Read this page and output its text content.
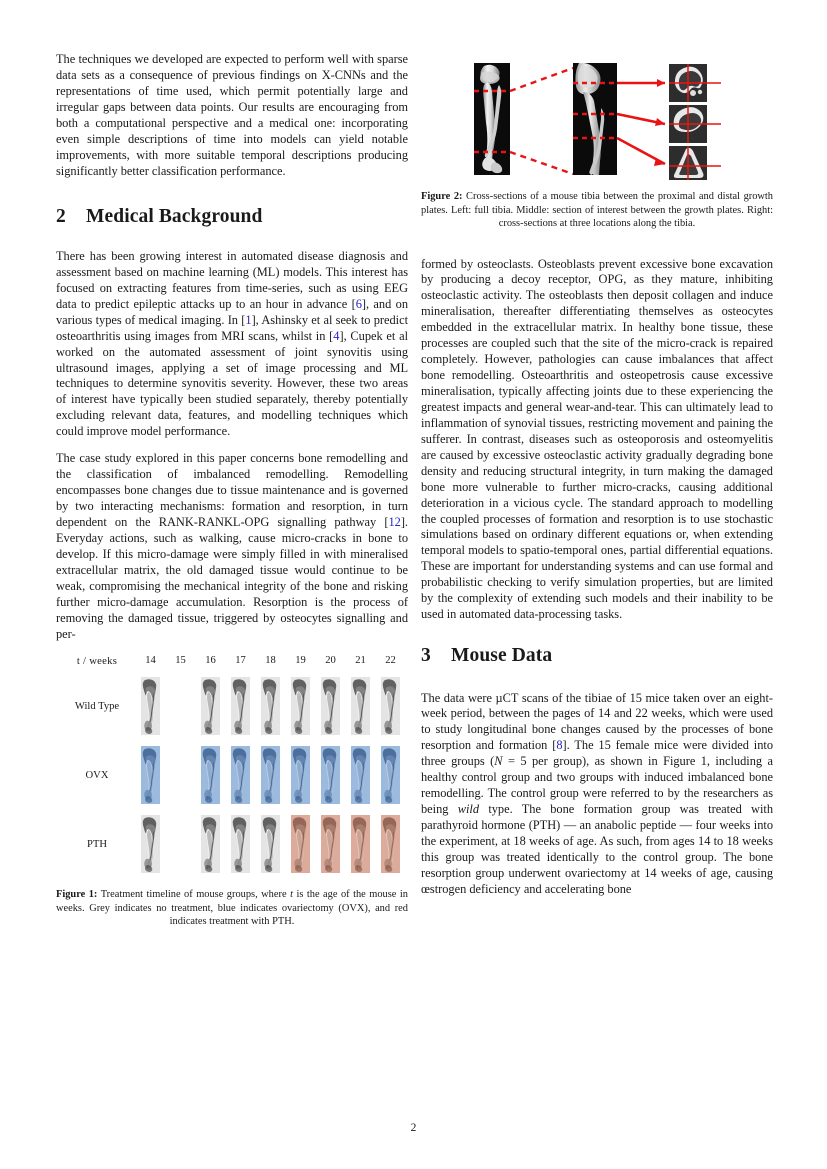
The techniques we developed are expected to perform well with sparse data sets as a consequence of previous findings on X-CNNs and the representations of time used, which permit potentially large and irregular gaps between data points. Our results are encouraging from both a computational perspective and a medical one: incorporating even simple descriptions of time into models can yield notable improvements, with more suitable temporal descriptions producing significantly better classification performance.

2 Medical Background

There has been growing interest in automated disease diagnosis and assessment based on machine learning (ML) models. This interest has focused on extracting features from time-series, such as using EEG data to predict epileptic attacks up to an hour in advance [6], and on various types of medical imaging. In [1], Ashinsky et al seek to predict osteoarthritis using images from MRI scans, whilst in [4], Cupek et al worked on the automated assessment of joint synovitis using ultrasound images, applying a set of image processing and ML techniques to determine synovitis severity. However, these two areas of interest have typically been studied separately, thereby potentially excluding relevant data, features, and modelling techniques which could improve model performance.

The case study explored in this paper concerns bone remodelling and the classification of imbalanced remodelling. Remodelling encompasses bone changes due to tissue maintenance and is governed by two interacting mechanisms: formation and resorption, in turn dependent on the RANK-RANKL-OPG signalling pathway [12]. Everyday actions, such as walking, cause micro-cracks in bone to develop. If this micro-damage were simply filled in with mineralised extracellular matrix, the old damaged tissue would continue to be weak, compromising the mechanical integrity of the bone and risking further micro-damage accumulation. Resorption is the process of removing the damaged tissue, triggered by osteocytes signalling and per-

t / weeks	14	15	16	17	18	19	20	21	22
Wild Type	

OVX	

PTH	

Figure 1: Treatment timeline of mouse groups, where t is the age of the mouse in weeks. Grey indicates no treatment, blue indicates ovariectomy (OVX), and red indicates treatment with PTH.

Figure 2: Cross-sections of a mouse tibia between the proximal and distal growth plates. Left: full tibia. Middle: section of interest between the growth plates. Right: cross-sections at three locations along the tibia.

formed by osteoclasts. Osteoblasts prevent excessive bone excavation by producing a decoy receptor, OPG, as they mature, inhibiting osteoclastic activity. The osteoblasts then deposit collagen and induce mineralisation, thereafter differentiating themselves as osteocytes embedded in the extracellular matrix. In healthy bone tissue, these processes are coupled such that the site of the micro-crack is repaired completely. However, pathologies can cause imbalances that affect bone remodelling. Osteoarthritis and osteopetrosis cause excessive mineralisation, typically affecting joints due to these experiencing the greatest impacts and general wear-and-tear. This can ultimately lead to inflammation of synovial tissues, restricting movement and paining the sufferer. In contrast, diseases such as osteoporosis and osteomyelitis are caused by excessive osteoclastic activity gradually degrading bone density and reducing structural integrity, in turn making the damaged bone more vulnerable to further micro-cracks, causing additional deterioration in a vicious cycle. The standard approach to modelling the coupled processes of formation and resorption is to use stochastic simulations based on ordinary different equations or, when extending temporal models to spatio-temporal ones, partial differential equations. These are important for understanding systems and can use formal and probabilistic checking to verify simulation properties, but are limited by the complexity of extending such models and their inability to be used in automated data-processing tasks.

3 Mouse Data

The data were µCT scans of the tibiae of 15 mice taken over an eight-week period, between the pages of 14 and 22 weeks, which were used to study longitudinal bone changes caused by the processes of bone resorption and formation [8]. The 15 female mice were divided into three groups (N = 5 per group), as shown in Figure 1, including a healthy control group and two groups with induced imbalanced bone remodelling. The control group were referred to by the researchers as being wild type. The bone formation group was treated with parathyroid hormone (PTH) — an anabolic peptide — four weeks into the experiment, at 18 weeks of age. As such, from ages 14 to 18 weeks this group was treated identically to the control group. The bone resorption group underwent ovariectomy at 14 weeks of age, causing œstrogen deficiency and accelerating bone

2
